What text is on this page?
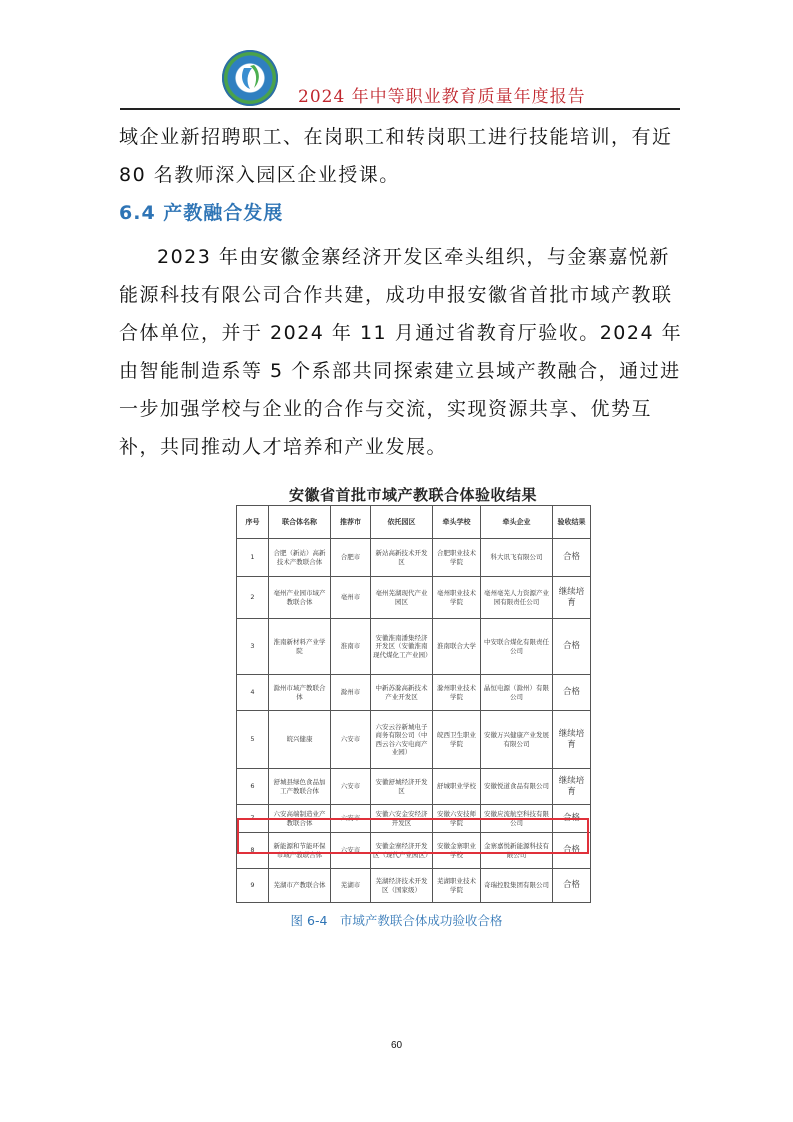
2024 年中等职业教育质量年度报告
域企业新招聘职工、在岗职工和转岗职工进行技能培训，有近 80 名教师深入园区企业授课。
6.4 产教融合发展
2023 年由安徽金寨经济开发区牵头组织，与金寨嘉悦新能源科技有限公司合作共建，成功申报安徽省首批市域产教联合体单位，并于 2024 年 11 月通过省教育厅验收。2024 年由智能制造系等 5 个系部共同探索建立县域产教融合，通过进一步加强学校与企业的合作与交流，实现资源共享、优势互补，共同推动人才培养和产业发展。
安徽省首批市域产教联合体验收结果
序号	联合体名称	推荐市	依托园区	牵头学校	牵头企业	验收结果
1	合肥（新站）高新技术产教联合体	合肥市	新站高新技术开发区	合肥职业技术学院	科大讯飞有限公司	合格
2	亳州产业园市域产教联合体	亳州市	亳州芜湖现代产业园区	亳州职业技术学院	亳州亳芜人力资源产业园有限责任公司	继续培育
3	淮南新材料产业学院	淮南市	安徽淮南潘集经济开发区（安徽淮南现代煤化工产业园）	淮南联合大学	中安联合煤化有限责任公司	合格
4	滁州市域产教联合体	滁州市	中新苏滁高新技术产业开发区	滁州职业技术学院	晶恒电源（滁州）有限公司	合格
5	皖兴健康	六安市	六安云谷新城电子商务有限公司（中西云谷六安电商产业园）	皖西卫生职业学院	安徽万兴健康产业发展有限公司	继续培育
6	舒城县绿色食品加工产教联合体	六安市	安徽舒城经济开发区	舒城职业学校	安徽悦道食品有限公司	继续培育
7	六安高端制造业产教联合体	六安市	安徽六安金安经济开发区	安徽六安技师学院	安徽应流航空科技有限公司	合格
8	新能源和节能环保市域产教联合体	六安市	安徽金寨经济开发区（现代产业园区）	安徽金寨职业学校	金寨嘉悦新能源科技有限公司	合格
9	芜湖市产教联合体	芜湖市	芜湖经济技术开发区（国家级）	芜湖职业技术学院	奇瑞控股集团有限公司	合格
图 6-4　市域产教联合体成功验收合格
60
